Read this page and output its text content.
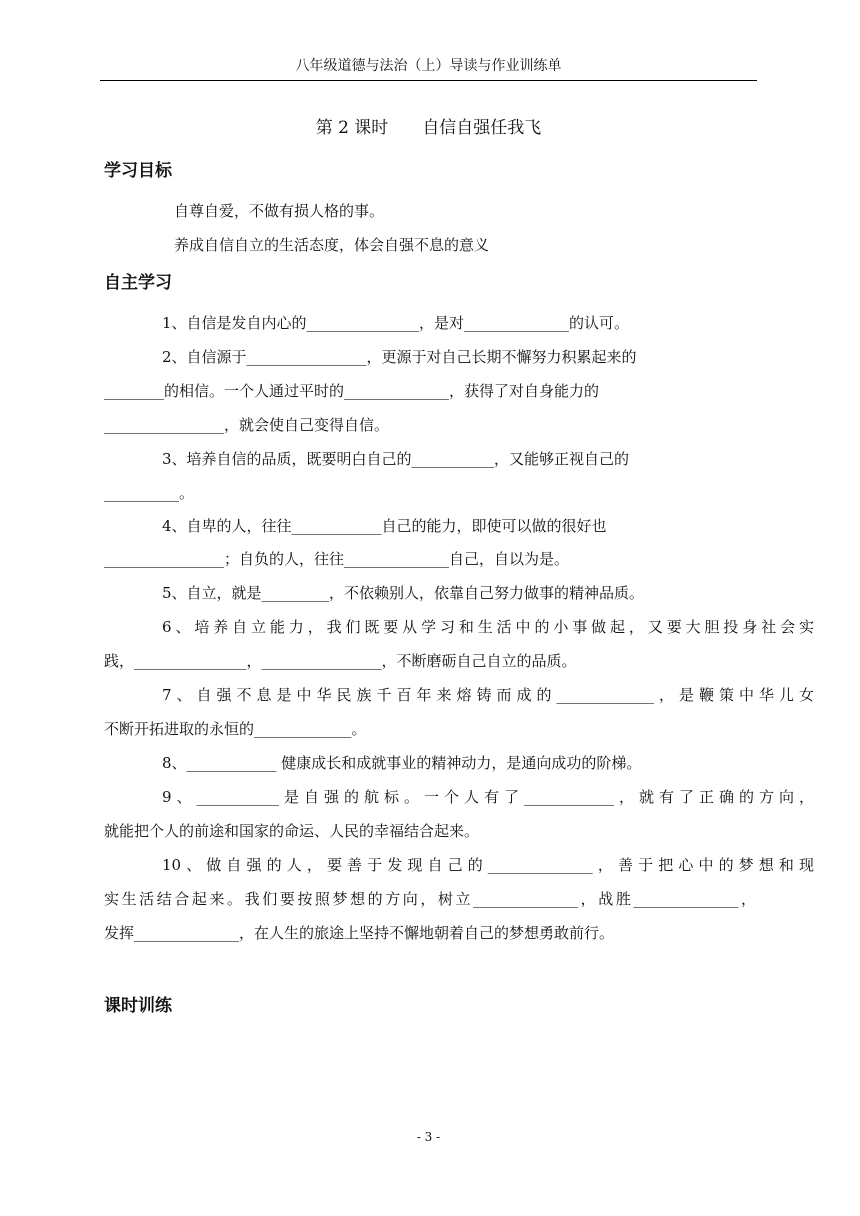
八年级道德与法治（上）导读与作业训练单
第 2 课时 自信自强任我飞
学习目标
自尊自爱，不做有损人格的事。
养成自信自立的生活态度，体会自强不息的意义
自主学习
1、自信是发自内心的_______________，是对______________的认可。
2、自信源于________________，更源于对自己长期不懈努力积累起来的
________的相信。一个人通过平时的______________，获得了对自身能力的
________________，就会使自己变得自信。
3、培养自信的品质，既要明白自己的___________，又能够正视自己的
__________。
4、自卑的人，往往____________自己的能力，即使可以做的很好也
________________；自负的人，往往______________自己，自以为是。
5、自立，就是_________，不依赖别人，依靠自己努力做事的精神品质。
6、培养自立能力，我们既要从学习和生活中的小事做起，又要大胆投身社会实
践，_______________，________________，不断磨砺自己自立的品质。
7、自强不息是中华民族千百年来熔铸而成的_____________，是鞭策中华儿女
不断开拓进取的永恒的_____________。
8、____________ 健康成长和成就事业的精神动力，是通向成功的阶梯。
9、___________是自强的航标。一个人有了____________，就有了正确的方向，
就能把个人的前途和国家的命运、人民的幸福结合起来。
10、做自强的人，要善于发现自己的______________，善于把心中的梦想和现
实生活结合起来。我们要按照梦想的方向，树立______________，战胜______________，
发挥______________，在人生的旅途上坚持不懈地朝着自己的梦想勇敢前行。
课时训练
- 3 -
